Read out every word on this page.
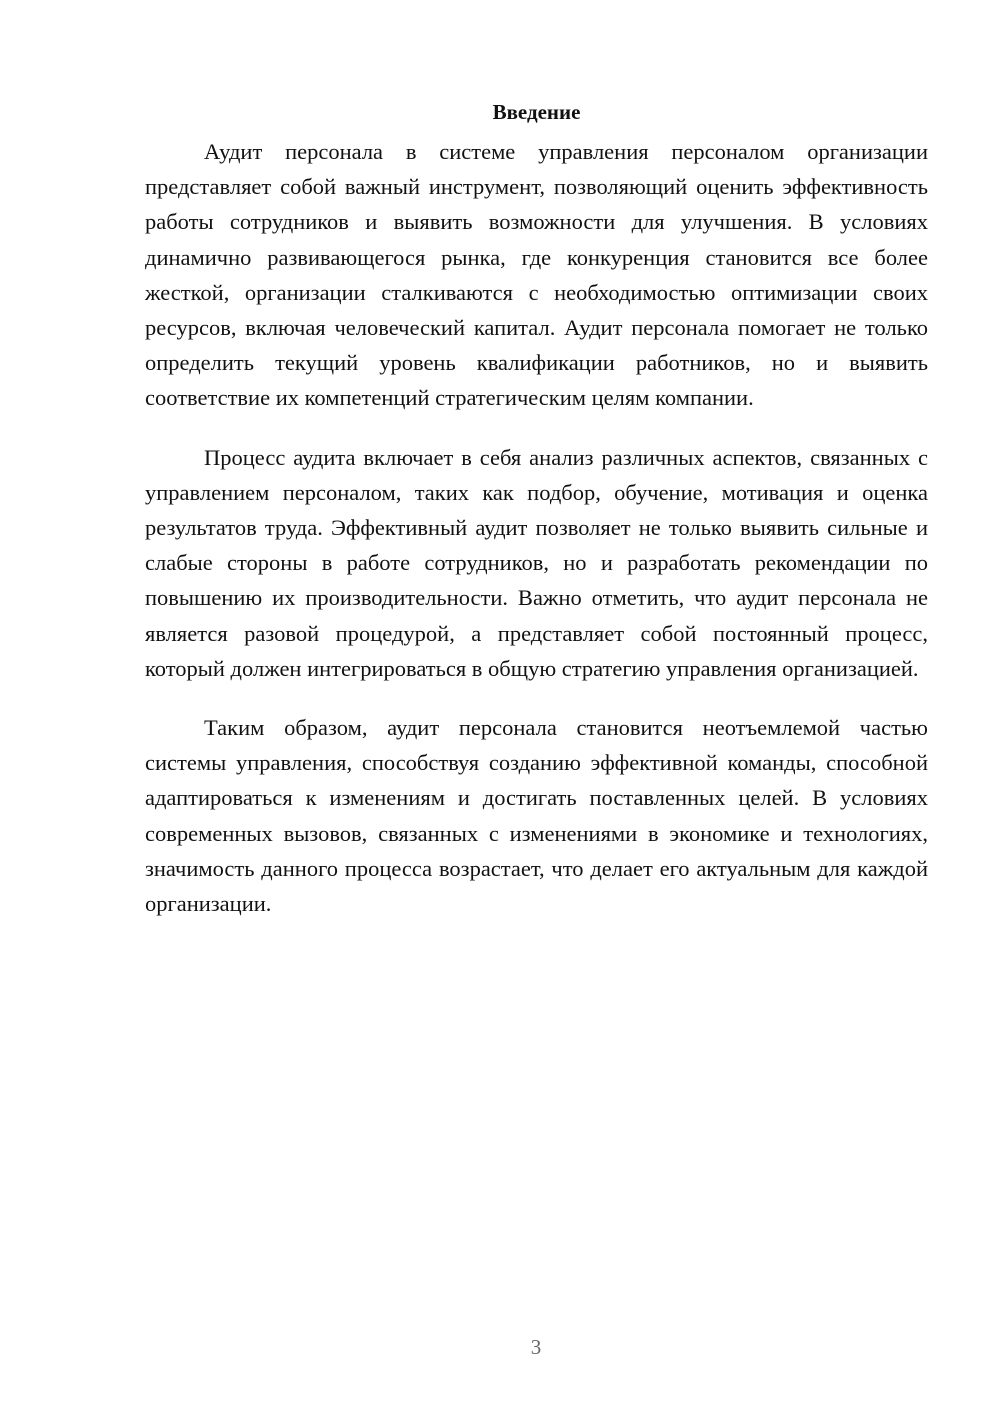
Введение

Аудит персонала в системе управления персоналом организации представляет собой важный инструмент, позволяющий оценить эффективность работы сотрудников и выявить возможности для улучшения. В условиях динамично развивающегося рынка, где конкуренция становится все более жесткой, организации сталкиваются с необходимостью оптимизации своих ресурсов, включая человеческий капитал. Аудит персонала помогает не только определить текущий уровень квалификации работников, но и выявить соответствие их компетенций стратегическим целям компании.

Процесс аудита включает в себя анализ различных аспектов, связанных с управлением персоналом, таких как подбор, обучение, мотивация и оценка результатов труда. Эффективный аудит позволяет не только выявить сильные и слабые стороны в работе сотрудников, но и разработать рекомендации по повышению их производительности. Важно отметить, что аудит персонала не является разовой процедурой, а представляет собой постоянный процесс, который должен интегрироваться в общую стратегию управления организацией.

Таким образом, аудит персонала становится неотъемлемой частью системы управления, способствуя созданию эффективной команды, способной адаптироваться к изменениям и достигать поставленных целей. В условиях современных вызовов, связанных с изменениями в экономике и технологиях, значимость данного процесса возрастает, что делает его актуальным для каждой организации.

3
